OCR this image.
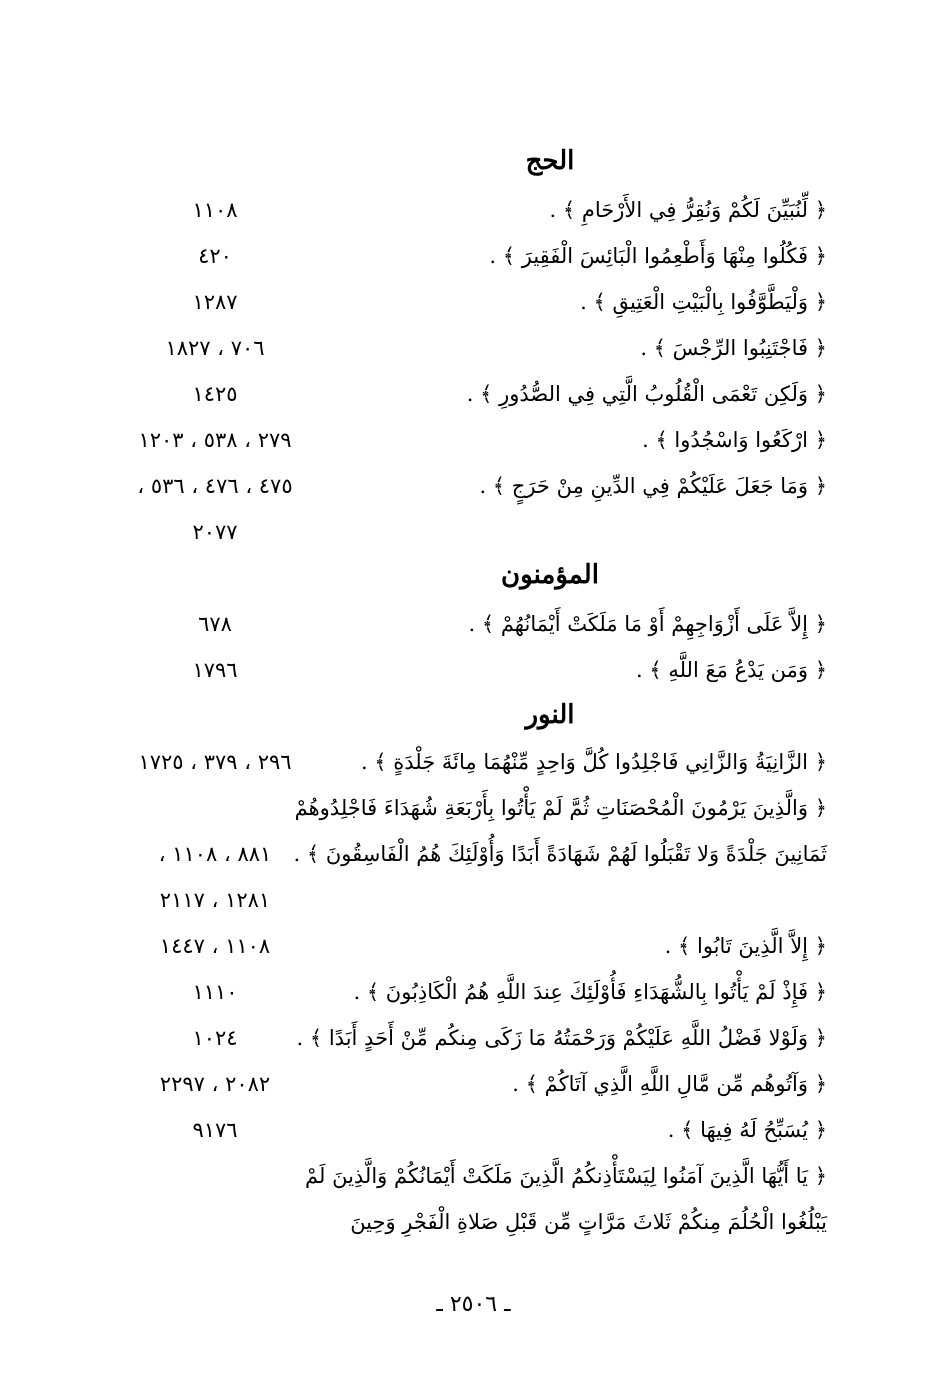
الحج
﴿ لِّنُبَيِّنَ لَكُمْ وَنُقِرُّ فِي الأَرْحَامِ ﴾ .
١١٠٨
﴿ فَكُلُوا مِنْهَا وَأَطْعِمُوا الْبَائِسَ الْفَقِيرَ ﴾ .
٤٢٠
﴿ وَلْيَطَّوَّفُوا بِالْبَيْتِ الْعَتِيقِ ﴾ .
١٢٨٧
﴿ فَاجْتَنِبُوا الرِّجْسَ ﴾ .
٧٠٦ ، ١٨٢٧
﴿ وَلَكِن تَعْمَى الْقُلُوبُ الَّتِي فِي الصُّدُورِ ﴾ .
١٤٢٥
﴿ ارْكَعُوا وَاسْجُدُوا ﴾ .
٢٧٩ ، ٥٣٨ ، ١٢٠٣
﴿ وَمَا جَعَلَ عَلَيْكُمْ فِي الدِّينِ مِنْ حَرَجٍ ﴾ .
٤٧٥ ، ٤٧٦ ، ٥٣٦ ،
٢٠٧٧
المؤمنون
﴿ إِلاَّ عَلَى أَزْوَاجِهِمْ أَوْ مَا مَلَكَتْ أَيْمَانُهُمْ ﴾ .
٦٧٨
﴿ وَمَن يَدْعُ مَعَ اللَّهِ ﴾ .
١٧٩٦
النور
﴿ الزَّانِيَةُ وَالزَّانِي فَاجْلِدُوا كُلَّ وَاحِدٍ مِّنْهُمَا مِائَةَ جَلْدَةٍ ﴾ .
٢٩٦ ، ٣٧٩ ، ١٧٢٥
﴿ وَالَّذِينَ يَرْمُونَ الْمُحْصَنَاتِ ثُمَّ لَمْ يَأْتُوا بِأَرْبَعَةِ شُهَدَاءَ فَاجْلِدُوهُمْ
ثَمَانِينَ جَلْدَةً وَلا تَقْبَلُوا لَهُمْ شَهَادَةً أَبَدًا وَأُوْلَئِكَ هُمُ الْفَاسِقُونَ ﴾ .
٨٨١ ، ١١٠٨ ،
١٢٨١ ، ٢١١٧
﴿ إِلاَّ الَّذِينَ تَابُوا ﴾ .
١١٠٨ ، ١٤٤٧
﴿ فَإِذْ لَمْ يَأْتُوا بِالشُّهَدَاءِ فَأُوْلَئِكَ عِندَ اللَّهِ هُمُ الْكَاذِبُونَ ﴾ .
١١١٠
﴿ وَلَوْلا فَضْلُ اللَّهِ عَلَيْكُمْ وَرَحْمَتُهُ مَا زَكَى مِنكُم مِّنْ أَحَدٍ أَبَدًا ﴾ .
١٠٢٤
﴿ وَآتُوهُم مِّن مَّالِ اللَّهِ الَّذِي آتَاكُمْ ﴾ .
٢٠٨٢ ، ٢٢٩٧
﴿ يُسَبِّحُ لَهُ فِيهَا ﴾ .
٩١٧٦
﴿ يَا أَيُّهَا الَّذِينَ آمَنُوا لِيَسْتَأْذِنكُمُ الَّذِينَ مَلَكَتْ أَيْمَانُكُمْ وَالَّذِينَ لَمْ
يَبْلُغُوا الْحُلُمَ مِنكُمْ ثَلاثَ مَرَّاتٍ مِّن قَبْلِ صَلاةِ الْفَجْرِ وَحِينَ
ـ ٢٥٠٦ ـ
